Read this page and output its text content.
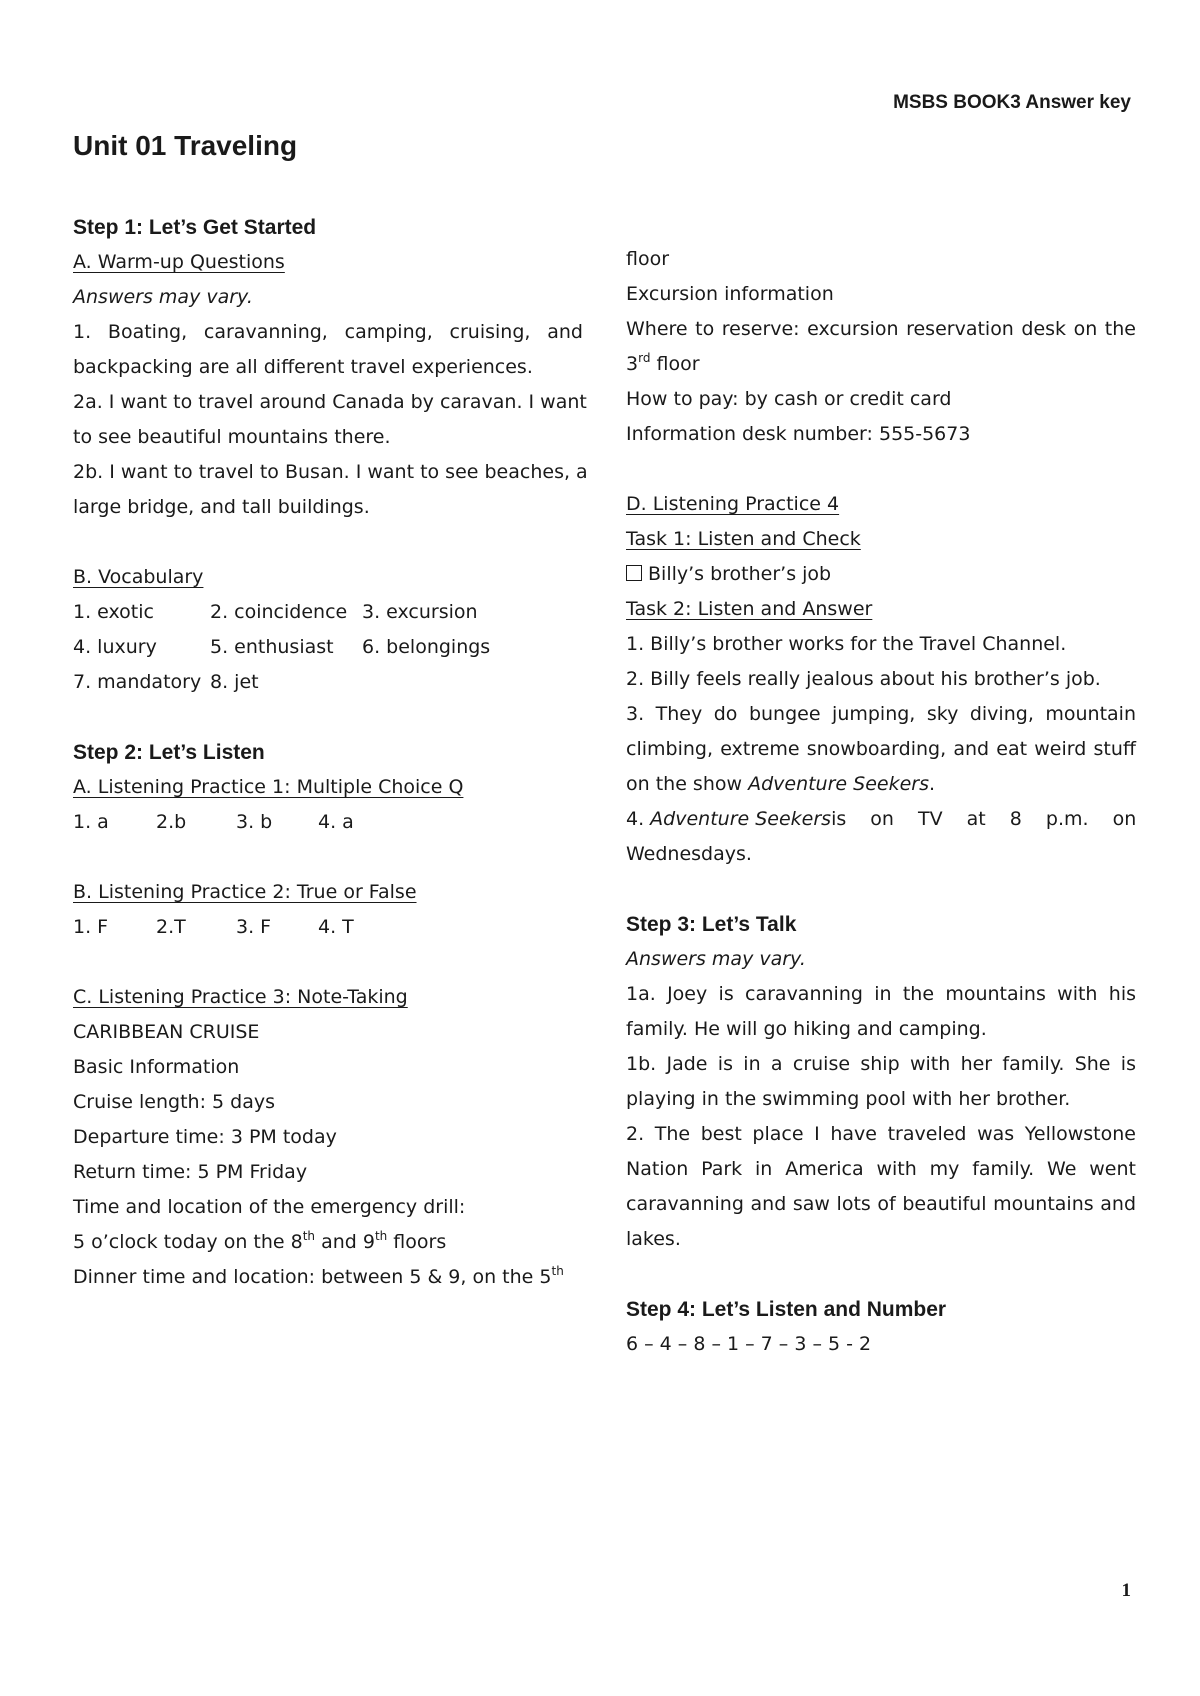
MSBS BOOK3 Answer key
Unit 01 Traveling
Step 1: Let’s Get Started
A. Warm-up Questions
Answers may vary.
1. Boating, caravanning, camping, cruising, and
backpacking are all different travel experiences.
2a. I want to travel around Canada by caravan. I want
to see beautiful mountains there.
2b. I want to travel to Busan. I want to see beaches, a
large bridge, and tall buildings.
B. Vocabulary
1. exotic	2. coincidence 3. excursion
4. luxury	5. enthusiast 6. belongings
7. mandatory 8. jet
Step 2: Let’s Listen
A. Listening Practice 1: Multiple Choice Q
1. a 2.b	3. b 4. a
B. Listening Practice 2: True or False
1. F	2.T	3. F 4. T
C. Listening Practice 3: Note-Taking
CARIBBEAN CRUISE
Basic Information
Cruise length: 5 days
Departure time: 3 PM today
Return time: 5 PM Friday
Time and location of the emergency drill:
5 o’clock today on the 8th and 9th floors
Dinner time and location: between 5 & 9, on the 5th
floor
Excursion information
Where to reserve: excursion reservation desk on the
3rd floor
How to pay: by cash or credit card
Information desk number: 555-5673
D. Listening Practice 4
Task 1: Listen and Check
Billy’s brother’s job
Task 2: Listen and Answer
1. Billy’s brother works for the Travel Channel.
2. Billy feels really jealous about his brother’s job.
3. They do bungee jumping, sky diving, mountain
climbing, extreme snowboarding, and eat weird stuff
on the show Adventure Seekers.
4. Adventure Seekers is on TV at 8 p.m. on
Wednesdays.
Step 3: Let’s Talk
Answers may vary.
1a. Joey is caravanning in the mountains with his
family. He will go hiking and camping.
1b. Jade is in a cruise ship with her family. She is
playing in the swimming pool with her brother.
2. The best place I have traveled was Yellowstone
Nation Park in America with my family. We went
caravanning and saw lots of beautiful mountains and
lakes.
Step 4: Let’s Listen and Number
6 – 4 – 8 – 1 – 7 – 3 – 5 - 2
1
